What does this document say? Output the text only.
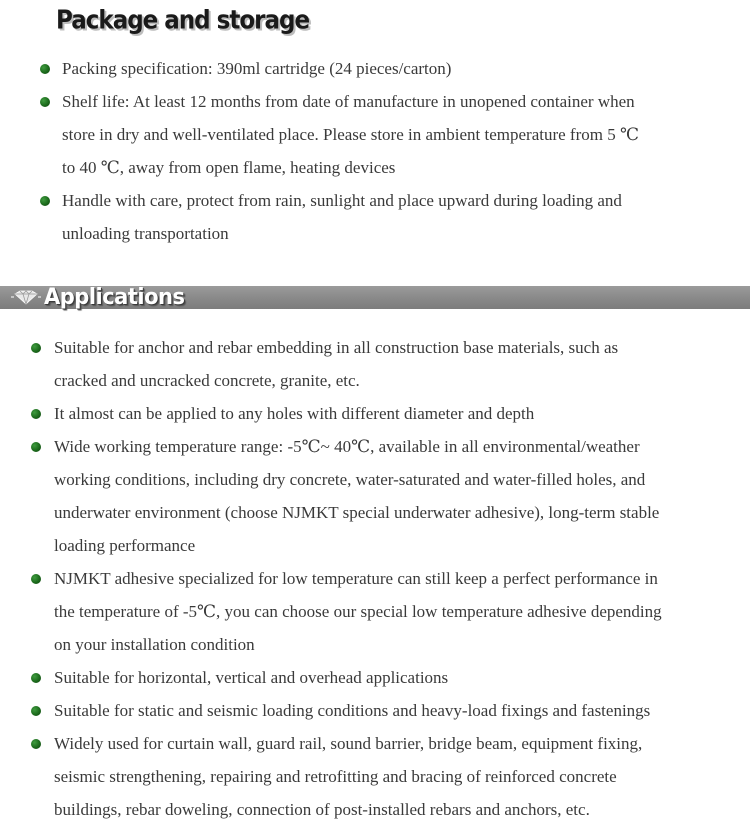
Package and storage
Packing specification: 390ml cartridge (24 pieces/carton)
Shelf life: At least 12 months from date of manufacture in unopened container when
store in dry and well-ventilated place. Please store in ambient temperature from 5 ℃
to 40 ℃, away from open flame, heating devices
Handle with care, protect from rain, sunlight and place upward during loading and
unloading transportation
Applications
Suitable for anchor and rebar embedding in all construction base materials, such as
cracked and uncracked concrete, granite, etc.
It almost can be applied to any holes with different diameter and depth
Wide working temperature range: -5℃~ 40℃, available in all environmental/weather
working conditions, including dry concrete, water-saturated and water-filled holes, and
underwater environment (choose NJMKT special underwater adhesive), long-term stable
loading performance
NJMKT adhesive specialized for low temperature can still keep a perfect performance in
the temperature of -5℃, you can choose our special low temperature adhesive depending
on your installation condition
Suitable for horizontal, vertical and overhead applications
Suitable for static and seismic loading conditions and heavy-load fixings and fastenings
Widely used for curtain wall, guard rail, sound barrier, bridge beam, equipment fixing,
seismic strengthening, repairing and retrofitting and bracing of reinforced concrete
buildings, rebar doweling, connection of post-installed rebars and anchors, etc.
